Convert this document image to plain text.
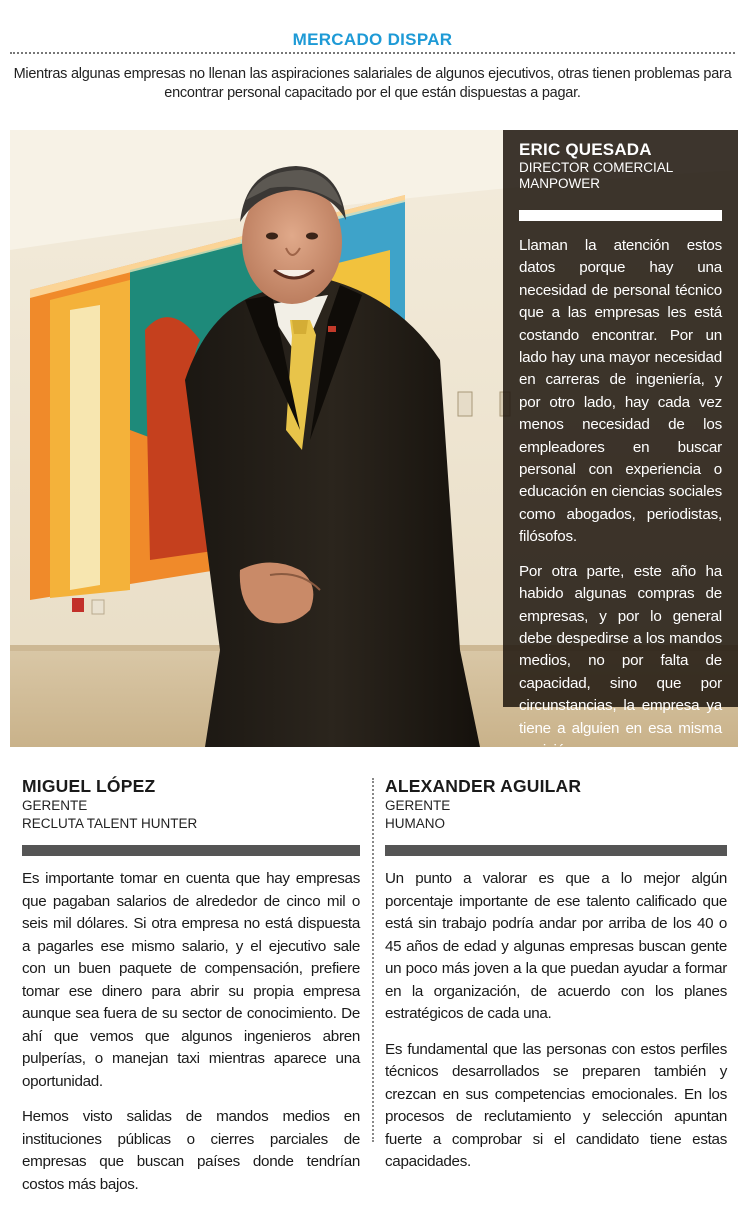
MERCADO DISPAR
Mientras algunas empresas no llenan las aspiraciones salariales de algunos ejecutivos, otras tienen problemas para encontrar personal capacitado por el que están dispuestas a pagar.
ERIC QUESADA
DIRECTOR COMERCIAL
MANPOWER

Llaman la atención estos datos porque hay una necesidad de personal técnico que a las empresas les está costando encontrar. Por un lado hay una mayor necesidad en carreras de ingeniería, y por otro lado, hay cada vez menos necesidad de los empleadores en buscar personal con experiencia o educación en ciencias sociales como abogados, periodistas, filósofos.

Por otra parte, este año ha habido algunas compras de empresas, y por lo general debe despedirse a los mandos medios, no por falta de capacidad, sino que por circunstancias, la empresa ya tiene a alguien en esa misma posición.

MIGUEL LÓPEZ
GERENTE
RECLUTA TALENT HUNTER

Es importante tomar en cuenta que hay empresas que pagaban salarios de alrededor de cinco mil o seis mil dólares. Si otra empresa no está dispuesta a pagarles ese mismo salario, y el ejecutivo sale con un buen paquete de compensación, prefiere tomar ese dinero para abrir su propia empresa aunque sea fuera de su sector de conocimiento. De ahí que vemos que algunos ingenieros abren pulperías, o manejan taxi mientras aparece una oportunidad.

Hemos visto salidas de mandos medios en instituciones públicas o cierres parciales de empresas que buscan países donde tendrían costos más bajos.

ALEXANDER AGUILAR
GERENTE
HUMANO

Un punto a valorar es que a lo mejor algún porcentaje importante de ese talento calificado que está sin trabajo podría andar por arriba de los 40 o 45 años de edad y algunas empresas buscan gente un poco más joven a la que puedan ayudar a formar en la organización, de acuerdo con los planes estratégicos de cada una.

Es fundamental que las personas con estos perfiles técnicos desarrollados se preparen también y crezcan en sus competencias emocionales. En los procesos de reclutamiento y selección apuntan fuerte a comprobar si el candidato tiene estas capacidades.
